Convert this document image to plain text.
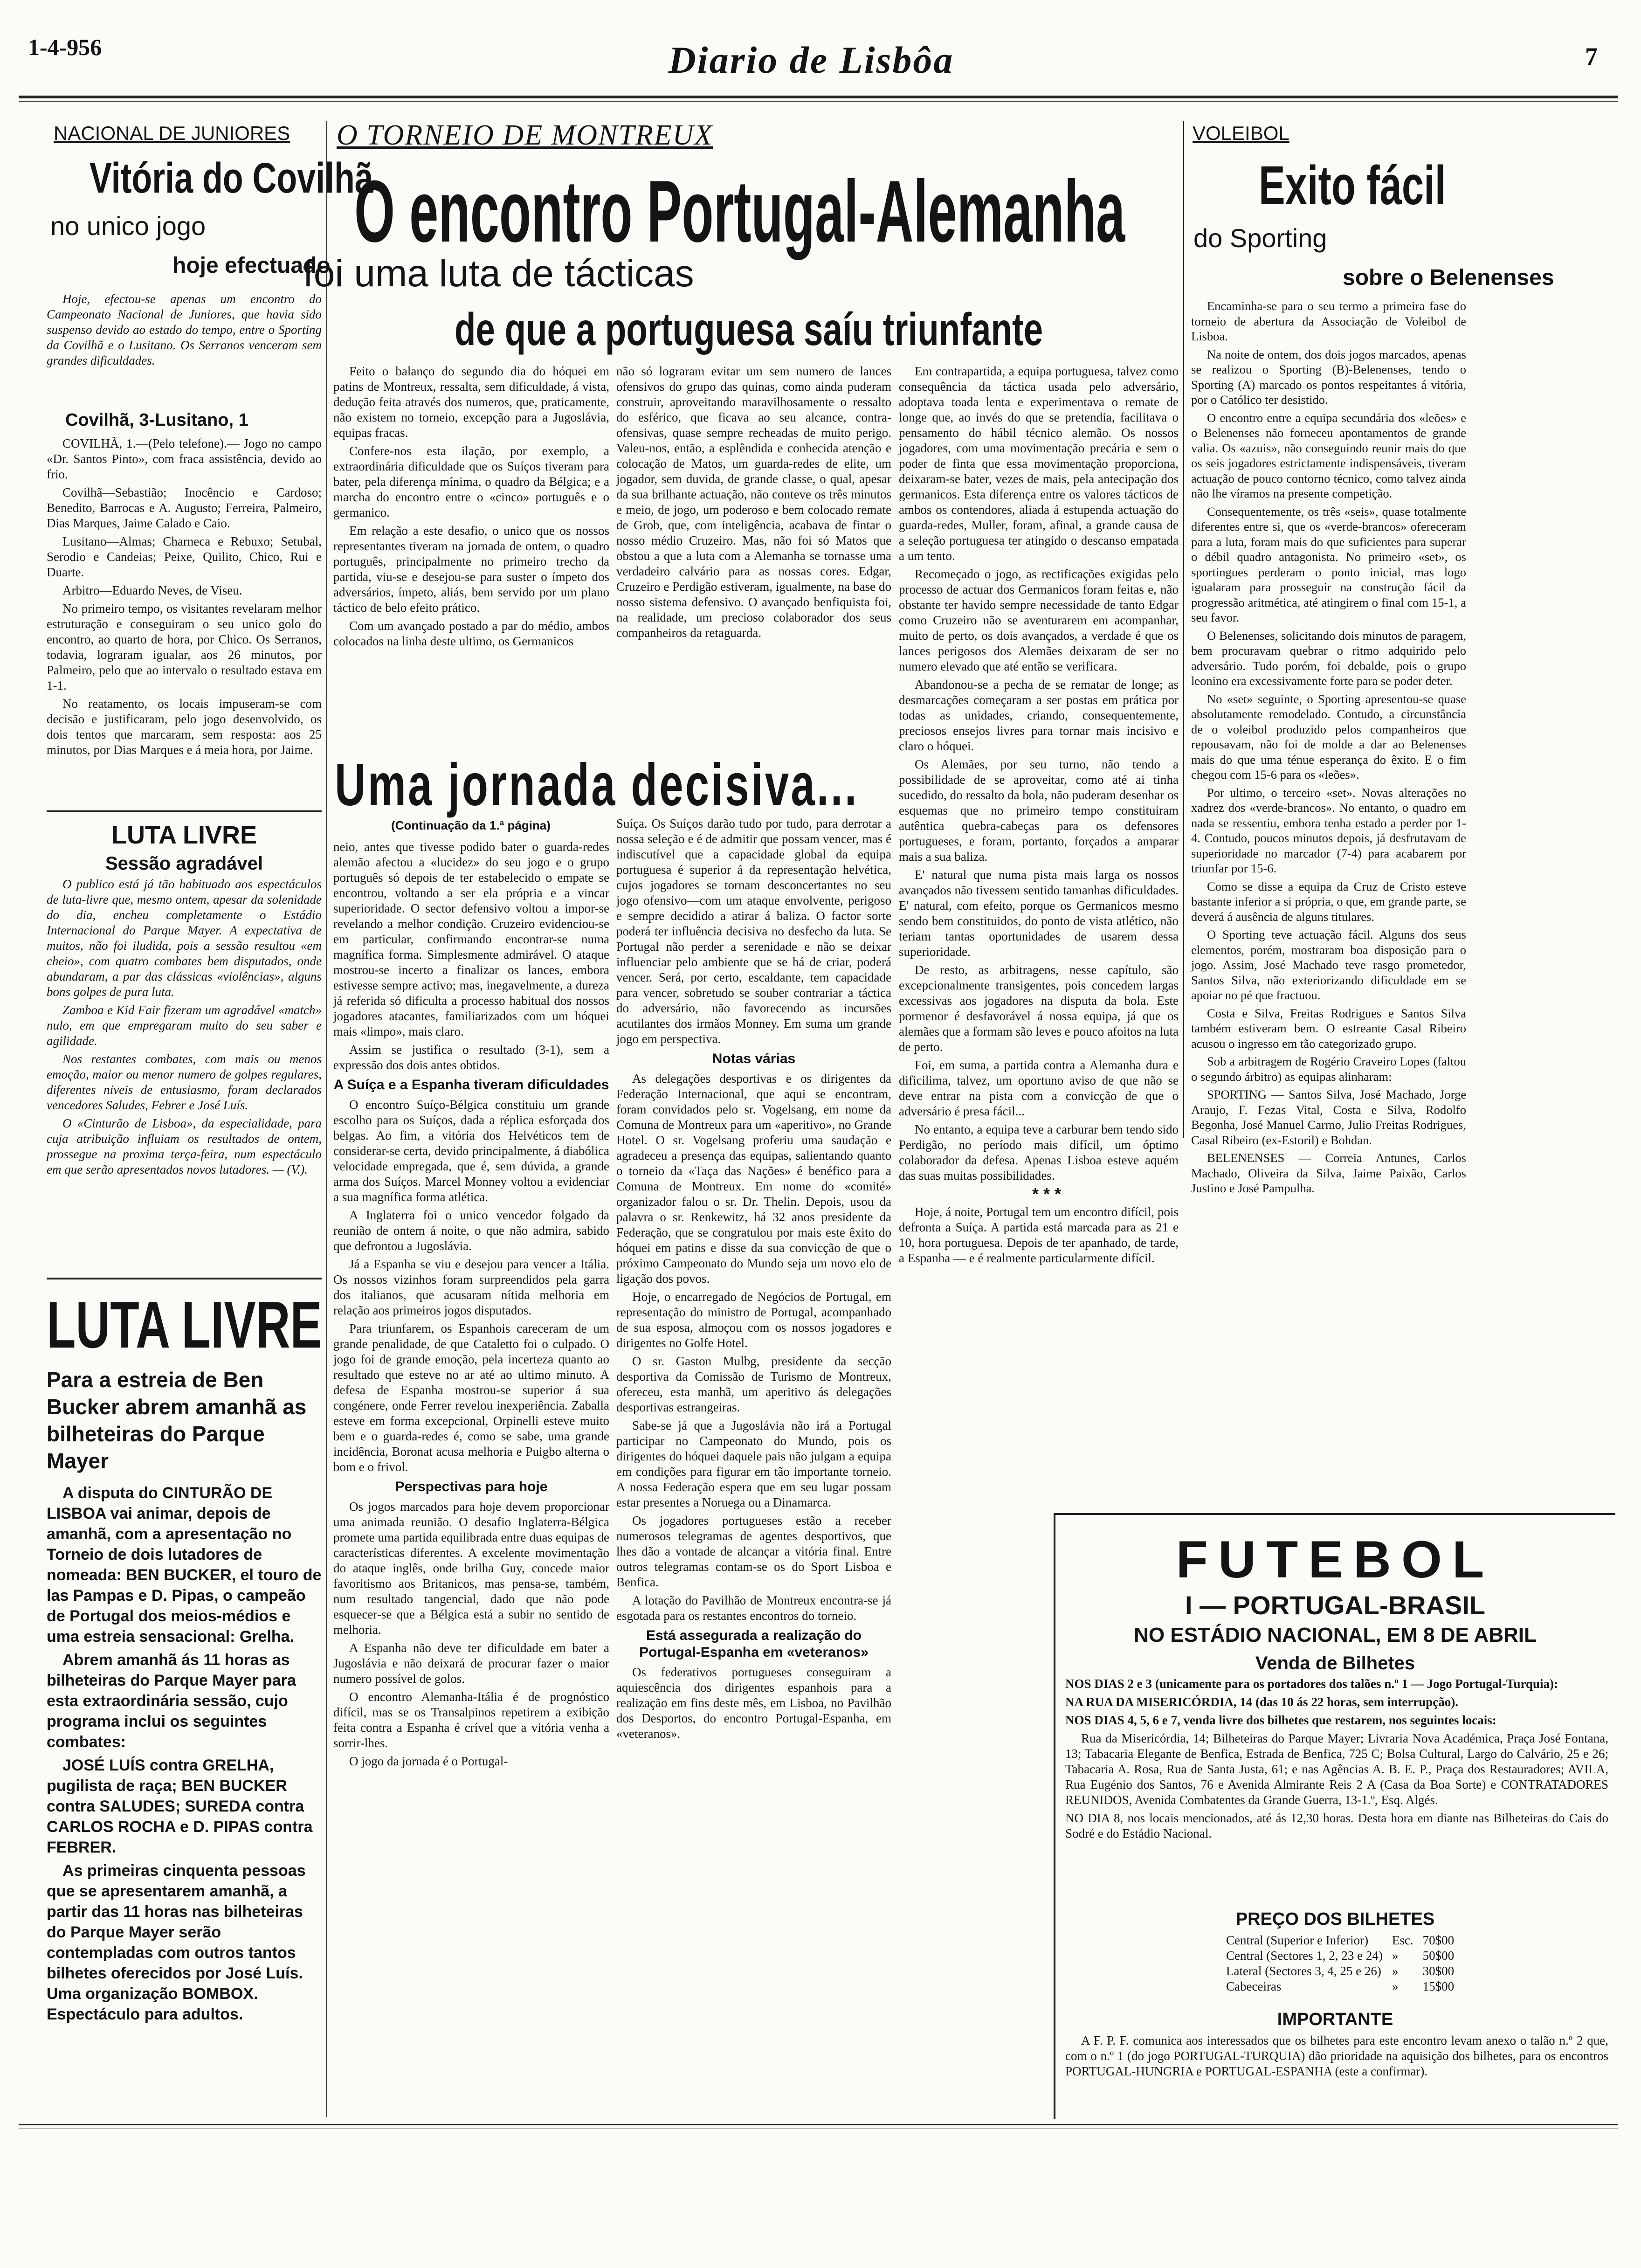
1-4-956	Diario de Lisbôa	7
NACIONAL DE JUNIORES
Vitória do Covilhã
no unico jogo
hoje efectuado

Hoje, efectou-se apenas um encontro do Campeonato Nacional de Juniores, que havia sido suspenso devido ao estado do tempo, entre o Sporting da Covilhã e o Lusitano. Os Serranos venceram sem grandes dificuldades.

Covilhã, 3-Lusitano, 1

COVILHÃ, 1.—(Pelo telefone).— Jogo no campo «Dr. Santos Pinto», com fraca assistência, devido ao frio.

Covilhã—Sebastião; Inocêncio e Cardoso; Benedito, Barrocas e A. Augusto; Ferreira, Palmeiro, Dias Marques, Jaime Calado e Caio.

Lusitano—Almas; Charneca e Rebuxo; Setubal, Serodio e Candeias; Peixe, Quilito, Chico, Rui e Duarte.

Arbitro—Eduardo Neves, de Viseu.

No primeiro tempo, os visitantes revelaram melhor estruturação e conseguiram o seu unico golo do encontro, ao quarto de hora, por Chico. Os Serranos, todavia, lograram igualar, aos 26 minutos, por Palmeiro, pelo que ao intervalo o resultado estava em 1-1.

No reatamento, os locais impuseram-se com decisão e justificaram, pelo jogo desenvolvido, os dois tentos que marcaram, sem resposta: aos 25 minutos, por Dias Marques e á meia hora, por Jaime.

LUTA LIVRE
Sessão agradável

O publico está já tão habituado aos espectáculos de luta-livre que, mesmo ontem, apesar da solenidade do dia, encheu completamente o Estádio Internacional do Parque Mayer. A expectativa de muitos, não foi iludida, pois a sessão resultou «em cheio», com quatro combates bem disputados, onde abundaram, a par das clássicas «violências», alguns bons golpes de pura luta.

Zamboa e Kid Fair fizeram um agradável «match» nulo, em que empregaram muito do seu saber e agilidade.

Nos restantes combates, com mais ou menos emoção, maior ou menor numero de golpes regulares, diferentes niveis de entusiasmo, foram declarados vencedores Saludes, Febrer e José Luís.

O «Cinturão de Lisboa», da especialidade, para cuja atribuição influiam os resultados de ontem, prossegue na proxima terça-feira, num espectáculo em que serão apresentados novos lutadores. — (V.).

LUTA LIVRE
Para a estreia de Ben Bucker abrem amanhã as bilheteiras do Parque Mayer

A disputa do CINTURÃO DE LISBOA vai animar, depois de amanhã, com a apresentação no Torneio de dois lutadores de nomeada: BEN BUCKER, el touro de las Pampas e D. Pipas, o campeão de Portugal dos meios-médios e uma estreia sensacional: Grelha.

Abrem amanhã ás 11 horas as bilheteiras do Parque Mayer para esta extraordinária sessão, cujo programa inclui os seguintes combates:

JOSÉ LUÍS contra GRELHA, pugilista de raça; BEN BUCKER contra SALUDES; SUREDA contra CARLOS ROCHA e D. PIPAS contra FEBRER.

As primeiras cinquenta pessoas que se apresentarem amanhã, a partir das 11 horas nas bilheteiras do Parque Mayer serão contempladas com outros tantos bilhetes oferecidos por José Luís. Uma organização BOMBOX. Espectáculo para adultos.

O TORNEIO DE MONTREUX
O encontro Portugal-Alemanha
foi uma luta de tácticas
de que a portuguesa saíu triunfante

Feito o balanço do segundo dia do hóquei em patins de Montreux, ressalta, sem dificuldade, á vista, dedução feita através dos numeros, que, praticamente, não existem no torneio, excepção para a Jugoslávia, equipas fracas.

Confere-nos esta ilação, por exemplo, a extraordinária dificuldade que os Suíços tiveram para bater, pela diferença mínima, o quadro da Bélgica; e a marcha do encontro entre o «cinco» português e o germanico.

Em relação a este desafio, o unico que os nossos representantes tiveram na jornada de ontem, o quadro português, principalmente no primeiro trecho da partida, viu-se e desejou-se para suster o ímpeto dos adversários, ímpeto, aliás, bem servido por um plano táctico de belo efeito prático.

Com um avançado postado a par do médio, ambos colocados na linha deste ultimo, os Germanicos

não só lograram evitar um sem numero de lances ofensivos do grupo das quinas, como ainda puderam construir, aproveitando maravilhosamente o ressalto do esférico, que ficava ao seu alcance, contra-ofensivas, quase sempre recheadas de muito perigo. Valeu-nos, então, a esplêndida e conhecida atenção e colocação de Matos, um guarda-redes de elite, um jogador, sem duvida, de grande classe, o qual, apesar da sua brilhante actuação, não conteve os três minutos e meio, de jogo, um poderoso e bem colocado remate de Grob, que, com inteligência, acabava de fintar o nosso médio Cruzeiro. Mas, não foi só Matos que obstou a que a luta com a Alemanha se tornasse uma verdadeiro calvário para as nossas cores. Edgar, Cruzeiro e Perdigão estiveram, igualmente, na base do nosso sistema defensivo. O avançado benfiquista foi, na realidade, um precioso colaborador dos seus companheiros da retaguarda.

Em contrapartida, a equipa portuguesa, talvez como consequência da táctica usada pelo adversário, adoptava toada lenta e experimentava o remate de longe que, ao invés do que se pretendia, facilitava o pensamento do hábil técnico alemão. Os nossos jogadores, com uma movimentação precária e sem o poder de finta que essa movimentação proporciona, deixaram-se bater, vezes de mais, pela antecipação dos germanicos. Esta diferença entre os valores tácticos de ambos os contendores, aliada á estupenda actuação do guarda-redes, Muller, foram, afinal, a grande causa de a seleção portuguesa ter atingido o descanso empatada a um tento.

Recomeçado o jogo, as rectificações exigidas pelo processo de actuar dos Germanicos foram feitas e, não obstante ter havido sempre necessidade de tanto Edgar como Cruzeiro não se aventurarem em acompanhar, muito de perto, os dois avançados, a verdade é que os lances perigosos dos Alemães deixaram de ser no numero elevado que até então se verificara.

Abandonou-se a pecha de se rematar de longe; as desmarcações começaram a ser postas em prática por todas as unidades, criando, consequentemente, preciosos ensejos livres para tornar mais incisivo e claro o hóquei.

Os Alemães, por seu turno, não tendo a possibilidade de se aproveitar, como até ai tinha sucedido, do ressalto da bola, não puderam desenhar os esquemas que no primeiro tempo constituiram autêntica quebra-cabeças para os defensores portugueses, e foram, portanto, forçados a amparar mais a sua baliza.

E' natural que numa pista mais larga os nossos avançados não tivessem sentido tamanhas dificuldades. E' natural, com efeito, porque os Germanicos mesmo sendo bem constituidos, do ponto de vista atlético, não teriam tantas oportunidades de usarem dessa superioridade.

De resto, as arbitragens, nesse capítulo, são excepcionalmente transigentes, pois concedem largas excessivas aos jogadores na disputa da bola. Este pormenor é desfavorável á nossa equipa, já que os alemães que a formam são leves e pouco afoitos na luta de perto.

Foi, em suma, a partida contra a Alemanha dura e dificilima, talvez, um oportuno aviso de que não se deve entrar na pista com a convicção de que o adversário é presa fácil...

No entanto, a equipa teve a carburar bem tendo sido Perdigão, no período mais difícil, um óptimo colaborador da defesa. Apenas Lisboa esteve aquém das suas muitas possibilidades.

* * *

Hoje, á noite, Portugal tem um encontro difícil, pois defronta a Suíça. A partida está marcada para as 21 e 10, hora portuguesa. Depois de ter apanhado, de tarde, a Espanha — e é realmente particularmente difícil.

Uma jornada decisiva...
(Continuação da 1.ª página)

neio, antes que tivesse podido bater o guarda-redes alemão afectou a «lucidez» do seu jogo e o grupo português só depois de ter estabelecido o empate se encontrou, voltando a ser ela própria e a vincar superioridade. O sector defensivo voltou a impor-se revelando a melhor condição. Cruzeiro evidenciou-se em particular, confirmando encontrar-se numa magnífica forma. Simplesmente admirável. O ataque mostrou-se incerto a finalizar os lances, embora estivesse sempre activo; mas, inegavelmente, a dureza já referida só dificulta a processo habitual dos nossos jogadores atacantes, familiarizados com um hóquei mais «limpo», mais claro.

Assim se justifica o resultado (3-1), sem a expressão dos dois antes obtidos.

A Suíça e a Espanha tiveram dificuldades

O encontro Suíço-Bélgica constituiu um grande escolho para os Suíços, dada a réplica esforçada dos belgas. Ao fim, a vitória dos Helvéticos tem de considerar-se certa, devido principalmente, á diabólica velocidade empregada, que é, sem dúvida, a grande arma dos Suíços. Marcel Monney voltou a evidenciar a sua magnífica forma atlética.

A Inglaterra foi o unico vencedor folgado da reunião de ontem á noite, o que não admira, sabido que defrontou a Jugoslávia.

Já a Espanha se viu e desejou para vencer a Itália. Os nossos vizinhos foram surpreendidos pela garra dos italianos, que acusaram nítida melhoria em relação aos primeiros jogos disputados.

Para triunfarem, os Espanhois careceram de um grande penalidade, de que Cataletto foi o culpado. O jogo foi de grande emoção, pela incerteza quanto ao resultado que esteve no ar até ao ultimo minuto. A defesa de Espanha mostrou-se superior á sua congénere, onde Ferrer revelou inexperiência. Zaballa esteve em forma excepcional, Orpinelli esteve muito bem e o guarda-redes é, como se sabe, uma grande incidência, Boronat acusa melhoria e Puigbo alterna o bom e o frivol.

Perspectivas para hoje

Os jogos marcados para hoje devem proporcionar uma animada reunião. O desafio Inglaterra-Bélgica promete uma partida equilibrada entre duas equipas de características diferentes. A excelente movimentação do ataque inglês, onde brilha Guy, concede maior favoritismo aos Britanicos, mas pensa-se, também, num resultado tangencial, dado que não pode esquecer-se que a Bélgica está a subir no sentido de melhoria.

A Espanha não deve ter dificuldade em bater a Jugoslávia e não deixará de procurar fazer o maior numero possível de golos.

O encontro Alemanha-Itália é de prognóstico difícil, mas se os Transalpinos repetirem a exibição feita contra a Espanha é crível que a vitória venha a sorrir-lhes.

O jogo da jornada é o Portugal-

Suíça. Os Suíços darão tudo por tudo, para derrotar a nossa seleção e é de admitir que possam vencer, mas é indiscutível que a capacidade global da equipa portuguesa é superior á da representação helvética, cujos jogadores se tornam desconcertantes no seu jogo ofensivo—com um ataque envolvente, perigoso e sempre decidido a atirar á baliza. O factor sorte poderá ter influência decisiva no desfecho da luta. Se Portugal não perder a serenidade e não se deixar influenciar pelo ambiente que se há de criar, poderá vencer. Será, por certo, escaldante, tem capacidade para vencer, sobretudo se souber contrariar a táctica do adversário, não favorecendo as incursões acutilantes dos irmãos Monney. Em suma um grande jogo em perspectiva.

Notas várias

As delegações desportivas e os dirigentes da Federação Internacional, que aqui se encontram, foram convidados pelo sr. Vogelsang, em nome da Comuna de Montreux para um «aperitivo», no Grande Hotel. O sr. Vogelsang proferiu uma saudação e agradeceu a presença das equipas, salientando quanto o torneio da «Taça das Nações» é benéfico para a Comuna de Montreux. Em nome do «comité» organizador falou o sr. Dr. Thelin. Depois, usou da palavra o sr. Renkewitz, há 32 anos presidente da Federação, que se congratulou por mais este êxito do hóquei em patins e disse da sua convicção de que o próximo Campeonato do Mundo seja um novo elo de ligação dos povos.

Hoje, o encarregado de Negócios de Portugal, em representação do ministro de Portugal, acompanhado de sua esposa, almoçou com os nossos jogadores e dirigentes no Golfe Hotel.

O sr. Gaston Mulbg, presidente da secção desportiva da Comissão de Turismo de Montreux, ofereceu, esta manhã, um aperitivo ás delegações desportivas estrangeiras.

Sabe-se já que a Jugoslávia não irá a Portugal participar no Campeonato do Mundo, pois os dirigentes do hóquei daquele pais não julgam a equipa em condições para figurar em tão importante torneio. A nossa Federação espera que em seu lugar possam estar presentes a Noruega ou a Dinamarca.

Os jogadores portugueses estão a receber numerosos telegramas de agentes desportivos, que lhes dão a vontade de alcançar a vitória final. Entre outros telegramas contam-se os do Sport Lisboa e Benfica.

A lotação do Pavilhão de Montreux encontra-se já esgotada para os restantes encontros do torneio.

Está assegurada a realização do Portugal-Espanha em «veteranos»

Os federativos portugueses conseguiram a aquiescência dos dirigentes espanhois para a realização em fins deste mês, em Lisboa, no Pavilhão dos Desportos, do encontro Portugal-Espanha, em «veteranos».

VOLEIBOL
Exito fácil
do Sporting
sobre o Belenenses

Encaminha-se para o seu termo a primeira fase do torneio de abertura da Associação de Voleibol de Lisboa.

Na noite de ontem, dos dois jogos marcados, apenas se realizou o Sporting (B)-Belenenses, tendo o Sporting (A) marcado os pontos respeitantes á vitória, por o Católico ter desistido.

O encontro entre a equipa secundária dos «leões» e o Belenenses não forneceu apontamentos de grande valia. Os «azuis», não conseguindo reunir mais do que os seis jogadores estrictamente indispensáveis, tiveram actuação de pouco contorno técnico, como talvez ainda não lhe víramos na presente competição.

Consequentemente, os três «seis», quase totalmente diferentes entre si, que os «verde-brancos» ofereceram para a luta, foram mais do que suficientes para superar o débil quadro antagonista. No primeiro «set», os sportingues perderam o ponto inicial, mas logo igualaram para prosseguir na construção fácil da progressão aritmética, até atingirem o final com 15-1, a seu favor.

O Belenenses, solicitando dois minutos de paragem, bem procuravam quebrar o ritmo adquirido pelo adversário. Tudo porém, foi debalde, pois o grupo leonino era excessivamente forte para se poder deter.

No «set» seguinte, o Sporting apresentou-se quase absolutamente remodelado. Contudo, a circunstância de o voleibol produzido pelos companheiros que repousavam, não foi de molde a dar ao Belenenses mais do que uma ténue esperança do êxito. E o fim chegou com 15-6 para os «leões».

Por ultimo, o terceiro «set». Novas alterações no xadrez dos «verde-brancos». No entanto, o quadro em nada se ressentiu, embora tenha estado a perder por 1-4. Contudo, poucos minutos depois, já desfrutavam de superioridade no marcador (7-4) para acabarem por triunfar por 15-6.

Como se disse a equipa da Cruz de Cristo esteve bastante inferior a si própria, o que, em grande parte, se deverá á ausência de alguns titulares.

O Sporting teve actuação fácil. Alguns dos seus elementos, porém, mostraram boa disposição para o jogo. Assim, José Machado teve rasgo prometedor, Santos Silva, não exteriorizando dificuldade em se apoiar no pé que fractuou.

Costa e Silva, Freitas Rodrigues e Santos Silva também estiveram bem. O estreante Casal Ribeiro acusou o ingresso em tão categorizado grupo.

Sob a arbitragem de Rogério Craveiro Lopes (faltou o segundo árbitro) as equipas alinharam:

SPORTING — Santos Silva, José Machado, Jorge Araujo, F. Fezas Vital, Costa e Silva, Rodolfo Begonha, José Manuel Carmo, Julio Freitas Rodrigues, Casal Ribeiro (ex-Estoril) e Bohdan.

BELENENSES — Correia Antunes, Carlos Machado, Oliveira da Silva, Jaime Paixão, Carlos Justino e José Pampulha.

FUTEBOL
I — PORTUGAL-BRASIL
NO ESTÁDIO NACIONAL, EM 8 DE ABRIL
Venda de Bilhetes

NOS DIAS 2 e 3 (unicamente para os portadores dos talões n.º 1 — Jogo Portugal-Turquia):

NA RUA DA MISERICÓRDIA, 14 (das 10 ás 22 horas, sem interrupção).

NOS DIAS 4, 5, 6 e 7, venda livre dos bilhetes que restarem, nos seguintes locais:

Rua da Misericórdia, 14; Bilheteiras do Parque Mayer; Livraria Nova Académica, Praça José Fontana, 13; Tabacaria Elegante de Benfica, Estrada de Benfica, 725 C; Bolsa Cultural, Largo do Calvário, 25 e 26; Tabacaria A. Rosa, Rua de Santa Justa, 61; e nas Agências A. B. E. P., Praça dos Restauradores; AVILA, Rua Eugénio dos Santos, 76 e Avenida Almirante Reis 2 A (Casa da Boa Sorte) e CONTRATADORES REUNIDOS, Avenida Combatentes da Grande Guerra, 13-1.º, Esq. Algés.

NO DIA 8, nos locais mencionados, até ás 12,30 horas. Desta hora em diante nas Bilheteiras do Cais do Sodré e do Estádio Nacional.

PREÇO DOS BILHETES
Central (Superior e Inferior)	Esc.	70$00
Central (Sectores 1, 2, 23 e 24)	»	50$00
Lateral (Sectores 3, 4, 25 e 26)	»	30$00
Cabeceiras	»	15$00
IMPORTANTE

A F. P. F. comunica aos interessados que os bilhetes para este encontro levam anexo o talão n.º 2 que, com o n.º 1 (do jogo PORTUGAL-TURQUIA) dão prioridade na aquisição dos bilhetes, para os encontros PORTUGAL-HUNGRIA e PORTUGAL-ESPANHA (este a confirmar).
